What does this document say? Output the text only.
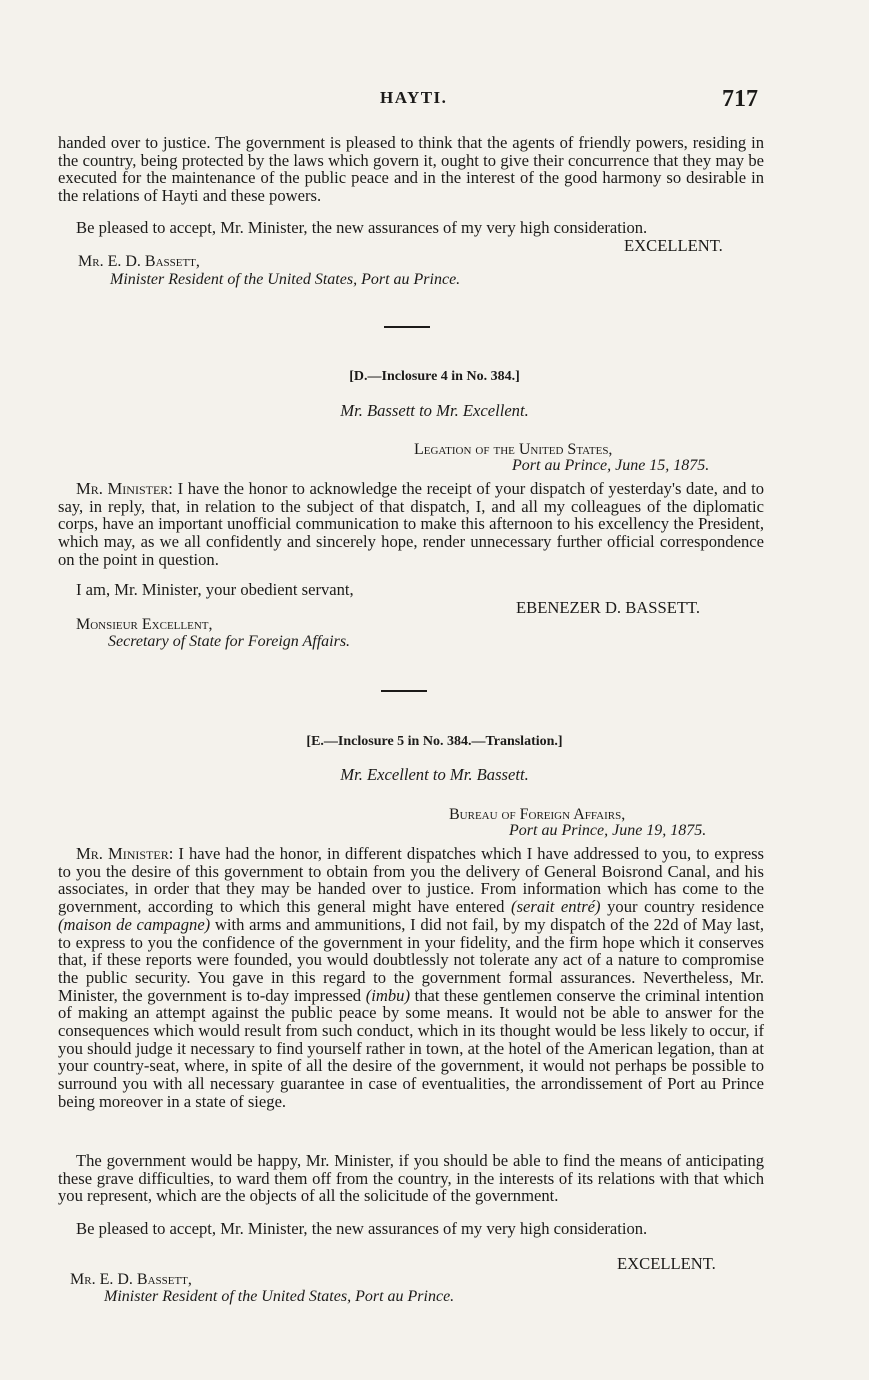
HAYTI.	717
handed over to justice. The government is pleased to think that the agents of friendly powers, residing in the country, being protected by the laws which govern it, ought to give their concurrence that they may be executed for the maintenance of the public peace and in the interest of the good harmony so desirable in the relations of Hayti and these powers.
Be pleased to accept, Mr. Minister, the new assurances of my very high consideration.
EXCELLENT.
Mr. E. D. Bassett,
Minister Resident of the United States, Port au Prince.
[D.—Inclosure 4 in No. 384.]
Mr. Bassett to Mr. Excellent.
Legation of the United States,
Port au Prince, June 15, 1875.
Mr. Minister: I have the honor to acknowledge the receipt of your dispatch of yesterday's date, and to say, in reply, that, in relation to the subject of that dispatch, I, and all my colleagues of the diplomatic corps, have an important unofficial communication to make this afternoon to his excellency the President, which may, as we all confidently and sincerely hope, render unnecessary further official correspondence on the point in question.
I am, Mr. Minister, your obedient servant,
EBENEZER D. BASSETT.
Monsieur Excellent,
Secretary of State for Foreign Affairs.
[E.—Inclosure 5 in No. 384.—Translation.]
Mr. Excellent to Mr. Bassett.
Bureau of Foreign Affairs,
Port au Prince, June 19, 1875.
Mr. Minister: I have had the honor, in different dispatches which I have addressed to you, to express to you the desire of this government to obtain from you the delivery of General Boisrond Canal, and his associates, in order that they may be handed over to justice. From information which has come to the government, according to which this general might have entered (serait entré) your country residence (maison de campagne) with arms and ammunitions, I did not fail, by my dispatch of the 22d of May last, to express to you the confidence of the government in your fidelity, and the firm hope which it conserves that, if these reports were founded, you would doubtlessly not tolerate any act of a nature to compromise the public security. You gave in this regard to the government formal assurances. Nevertheless, Mr. Minister, the government is to-day impressed (imbu) that these gentlemen conserve the criminal intention of making an attempt against the public peace by some means. It would not be able to answer for the consequences which would result from such conduct, which in its thought would be less likely to occur, if you should judge it necessary to find yourself rather in town, at the hotel of the American legation, than at your country-seat, where, in spite of all the desire of the government, it would not perhaps be possible to surround you with all necessary guarantee in case of eventualities, the arrondissement of Port au Prince being moreover in a state of siege.
The government would be happy, Mr. Minister, if you should be able to find the means of anticipating these grave difficulties, to ward them off from the country, in the interests of its relations with that which you represent, which are the objects of all the solicitude of the government.
Be pleased to accept, Mr. Minister, the new assurances of my very high consideration.
EXCELLENT.
Mr. E. D. Bassett,
Minister Resident of the United States, Port au Prince.
